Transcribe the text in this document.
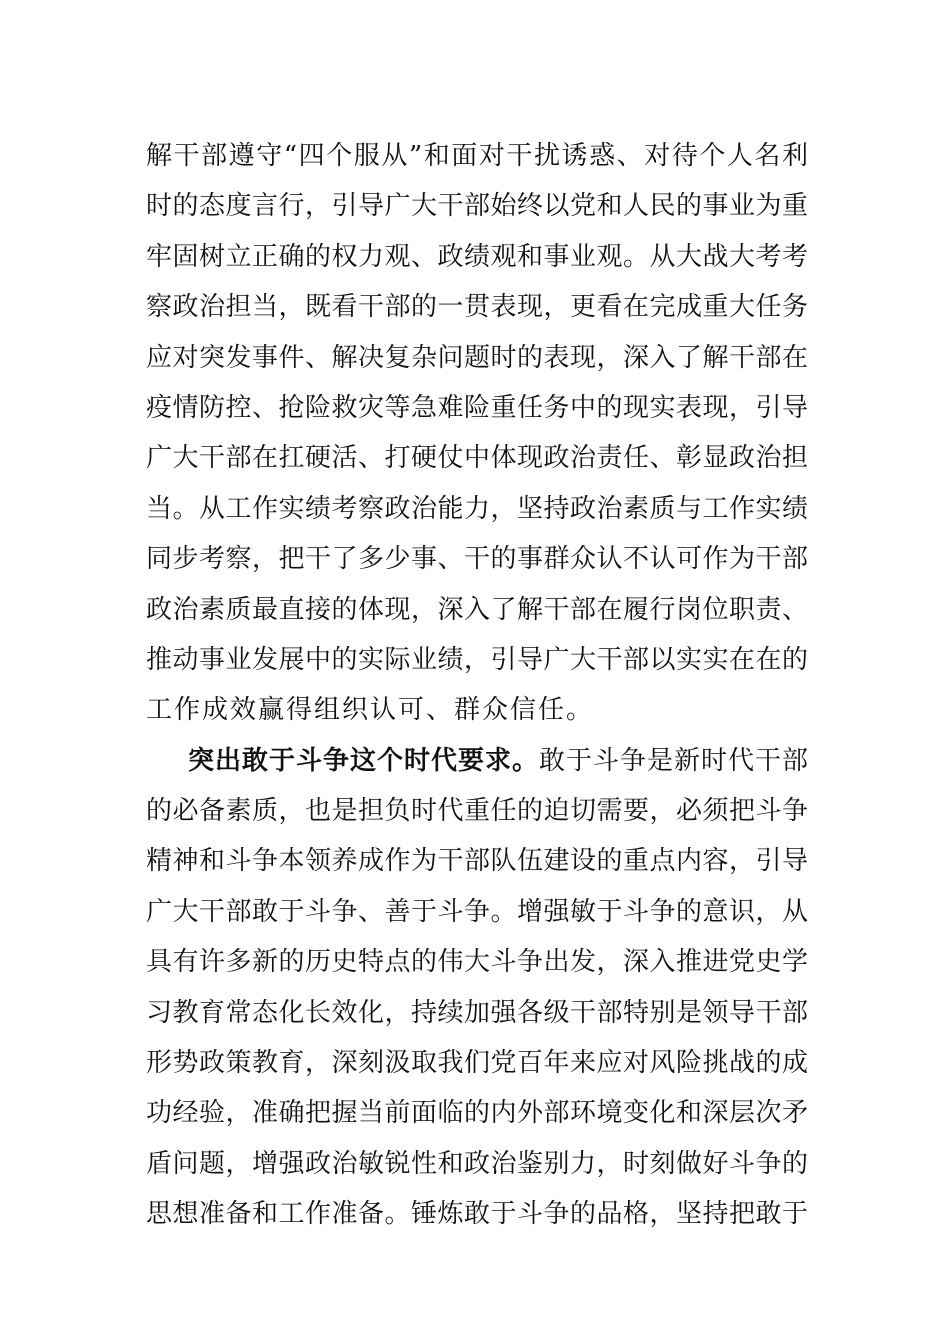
解干部遵守“四个服从”和面对干扰诱惑、对待个人名利
时的态度言行，引导广大干部始终以党和人民的事业为重
牢固树立正确的权力观、政绩观和事业观。从大战大考考
察政治担当，既看干部的一贯表现，更看在完成重大任务
应对突发事件、解决复杂问题时的表现，深入了解干部在
疫情防控、抢险救灾等急难险重任务中的现实表现，引导
广大干部在扛硬活、打硬仗中体现政治责任、彰显政治担
当。从工作实绩考察政治能力，坚持政治素质与工作实绩
同步考察，把干了多少事、干的事群众认不认可作为干部
政治素质最直接的体现，深入了解干部在履行岗位职责、
推动事业发展中的实际业绩，引导广大干部以实实在在的
工作成效赢得组织认可、群众信任。
突出敢于斗争这个时代要求。敢于斗争是新时代干部
的必备素质，也是担负时代重任的迫切需要，必须把斗争
精神和斗争本领养成作为干部队伍建设的重点内容，引导
广大干部敢于斗争、善于斗争。增强敏于斗争的意识，从
具有许多新的历史特点的伟大斗争出发，深入推进党史学
习教育常态化长效化，持续加强各级干部特别是领导干部
形势政策教育，深刻汲取我们党百年来应对风险挑战的成
功经验，准确把握当前面临的内外部环境变化和深层次矛
盾问题，增强政治敏锐性和政治鉴别力，时刻做好斗争的
思想准备和工作准备。锤炼敢于斗争的品格，坚持把敢于
